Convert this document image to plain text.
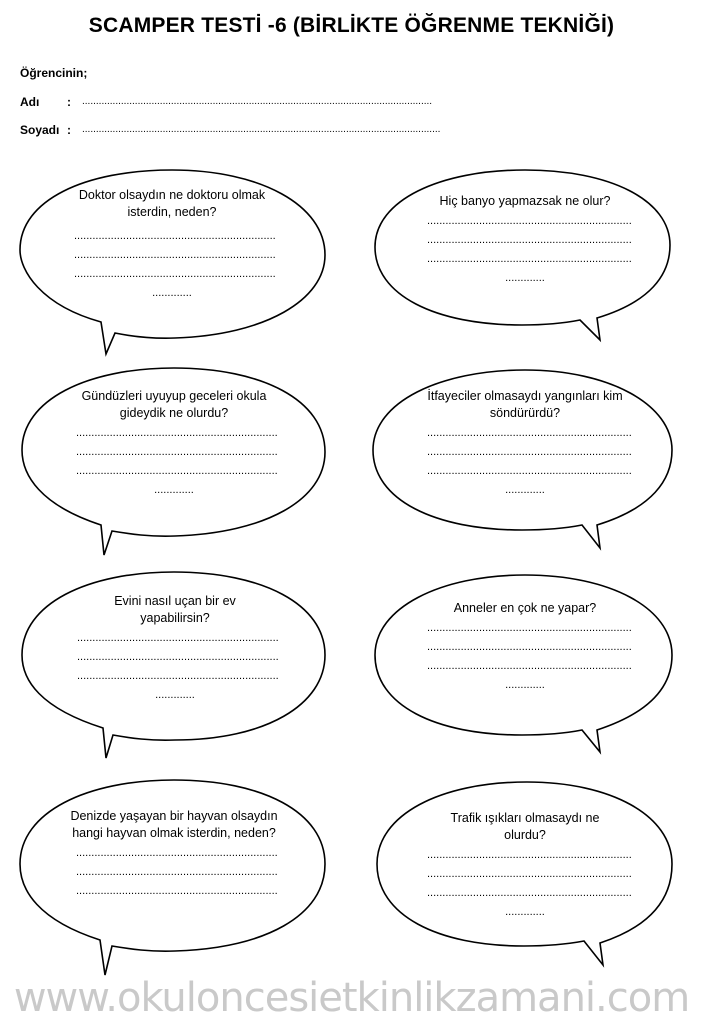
SCAMPER TESTİ -6 (BİRLİKTE ÖĞRENME TEKNİĞİ)
Öğrencinin;
Adı : ..............................................................................................................................
Soyadı : .................................................................................................................................
Doktor olsaydın ne doktoru olmak isterdin, neden?
..................................................................
..................................................................
..................................................................
.............
Hiç banyo yapmazsak ne olur?
...................................................................
...................................................................
...................................................................
.............
Gündüzleri uyuyup geceleri okula gideydik ne olurdu?
..................................................................
..................................................................
..................................................................
.............
İtfayeciler olmasaydı yangınları kim söndürürdü?
...................................................................
...................................................................
...................................................................
.............
Evini nasıl uçan bir ev yapabilirsin?
..................................................................
..................................................................
..................................................................
.............
Anneler en çok ne yapar?
...................................................................
...................................................................
...................................................................
.............
Denizde yaşayan bir hayvan olsaydın hangi hayvan olmak isterdin, neden?
..................................................................
..................................................................
..................................................................
Trafik ışıkları olmasaydı ne olurdu?
...................................................................
...................................................................
...................................................................
.............
www.okuloncesietkinlikzamani.com
